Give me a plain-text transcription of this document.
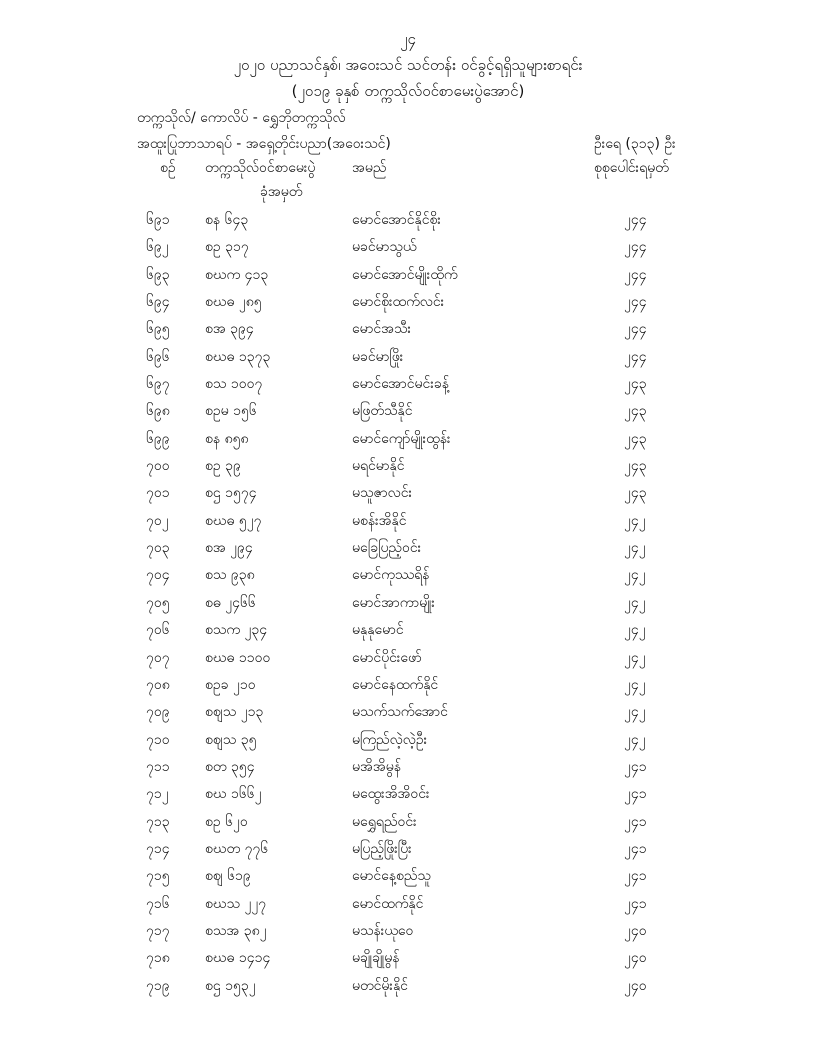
၂၄
၂၀၂၀ ပညာသင်နှစ်၊ အဝေးသင် သင်တန်း ဝင်ခွင့်ရရှိသူများစာရင်း
(၂၀၁၉ ခုနှစ် တက္ကသိုလ်ဝင်စာမေးပွဲအောင်)
တက္ကသိုလ်/ ကောလိပ် - ရွှေဘိုတက္ကသိုလ်
အထူးပြုဘာသာရပ် - အရှေ့တိုင်းပညာ(အဝေးသင်)	ဦးရေ (၃၁၃) ဦး
စဉ် တက္ကသိုလ်ဝင်စာမေးပွဲ
ခုံအမှတ်
အမည်	စုစုပေါင်းရမှတ်
၆၉၁	စန ၆၄၃	မောင်အောင်နိုင်စိုး	၂၄၄
၆၉၂	စဥ ၃၁၇	မခင်မာသွယ်	၂၄၄
၆၉၃	စဃက ၄၁၃	မောင်အောင်မျိုးထိုက်	၂၄၄
၆၉၄	စဃဓ ၂၈၅	မောင်စိုးထက်လင်း	၂၄၄
၆၉၅	စအ ၃၉၄	မောင်အသီး	၂၄၄
၆၉၆	စဃဓ ၁၃၇၃	မခင်မာဖြိုး	၂၄၄
၆၉၇	စသ ၁၀၀၇	မောင်အောင်မင်းခန့်	၂၄၃
၆၉၈	စဥမ ၁၅၆	မဖြတ်သီနိုင်	၂၄၃
၆၉၉	စန ၈၅၈	မောင်ကျော်မျိုးထွန်း	၂၄၃
၇၀၀	စဥ ၃၉	မရင်မာနိုင်	၂၄၃
၇၀၁	စဌ ၁၅၇၄	မသူဇာလင်း	၂၄၃
၇၀၂	စဃဓ ၅၂၇	မစန်းအိနိုင်	၂၄၂
၇၀၃	စအ ၂၉၄	မခြေပြည့်ဝင်း	၂၄၂
၇၀၄	စသ ၉၃၈	မောင်ကုဿရိန်	၂၄၂
၇၀၅	စဓ ၂၄၆၆	မောင်အာကာမျိုး	၂၄၂
၇၀၆	စသက ၂၃၄	မနုနုမောင်	၂၄၂
၇၀၇	စဃဓ ၁၁၀၀	မောင်ပိုင်းဖော်	၂၄၂
၇၀၈	စဥခ ၂၁၀	မောင်နေထက်နိုင်	၂၄၂
၇၀၉	စဈသ ၂၁၃	မသက်သက်အောင်	၂၄၂
၇၁၀	စဈသ ၃၅	မကြည်လဲ့လဲ့ဦး	၂၄၂
၇၁၁	စတ ၃၅၄	မအိအိမွန်	၂၄၁
၇၁၂	စဃ ၁၆၆၂	မထွေးအိအိဝင်း	၂၄၁
၇၁၃	စဥ ၆၂၀	မရွှေရည်ဝင်း	၂၄၁
၇၁၄	စဃတ ၇၇၆	မပြည့်ဖြိုးပြီး	၂၄၁
၇၁၅	စဈ ၆၁၉	မောင်နေ့စည်သူ	၂၄၁
၇၁၆	စဃသ ၂၂၇	မောင်ထက်နိုင်	၂၄၁
၇၁၇	စသအ ၃၈၂	မသန်းယုဝေ	၂၄၀
၇၁၈	စဃဓ ၁၄၁၄	မချိုချိုမွန်	၂၄၀
၇၁၉	စဌ ၁၅၃၂	မတင်မိုးနိုင်	၂၄၀
